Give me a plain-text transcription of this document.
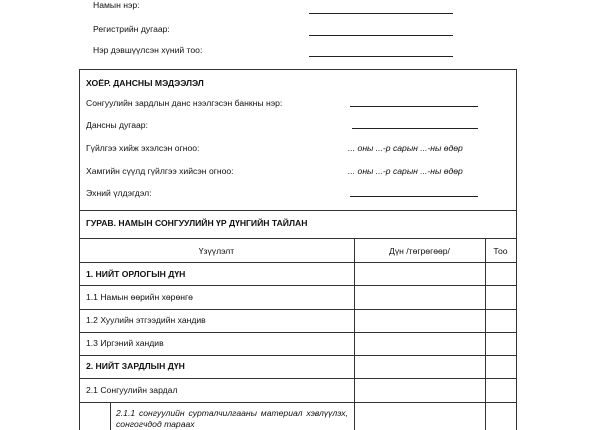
Намын нэр:
Регистрийн дугаар:
Нэр дэвшүүлсэн хүний тоо:
ХОЁР. ДАНСНЫ МЭДЭЭЛЭЛ
Сонгуулийн зардлын данс нээлгэсэн банкны нэр:
Дансны дугаар:
Гүйлгээ хийж эхэлсэн огноо:	... оны ...-р сарын ...-ны өдөр
Хамгийн сүүлд гүйлгээ хийсэн огноо:	... оны ...-р сарын ...-ны өдөр
Эхний үлдэгдэл:
ГУРАВ. НАМЫН СОНГУУЛИЙН ҮР ДҮНГИЙН ТАЙЛАН
Үзүүлэлт	Дүн /төгрөгөөр/	Тоо
1. НИЙТ ОРЛОГЫН ДҮН
1.1 Намын өөрийн хөрөнгө
1.2 Хуулийн этгээдийн хандив
1.3 Иргэний хандив
2. НИЙТ ЗАРДЛЫН ДҮН
2.1 Сонгуулийн зардал
2.1.1 сонгуулийн сурталчилгааны материал хэвлүүлэх, сонгогчдод тараах
